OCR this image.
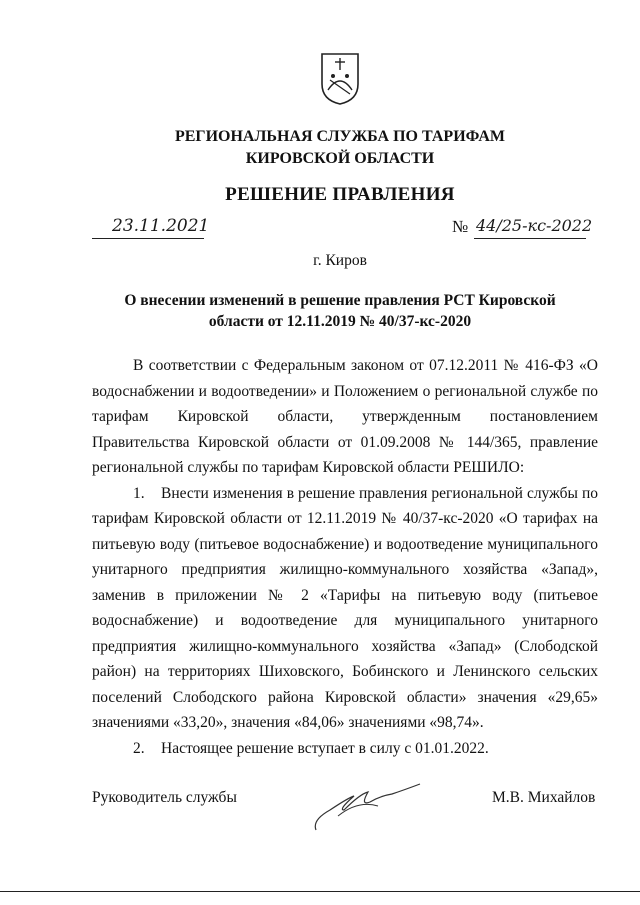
РЕГИОНАЛЬНАЯ СЛУЖБА ПО ТАРИФАМ
КИРОВСКОЙ ОБЛАСТИ
РЕШЕНИЕ ПРАВЛЕНИЯ
23.11.2021	№ 44/25-кс-2022
г. Киров
О внесении изменений в решение правления РСТ Кировской области от 12.11.2019 № 40/37-кс-2020

В соответствии с Федеральным законом от 07.12.2011 № 416-ФЗ «О водоснабжении и водоотведении» и Положением о региональной службе по тарифам Кировской области, утвержденным постановлением Правительства Кировской области от 01.09.2008 № 144/365, правление региональной службы по тарифам Кировской области РЕШИЛО:

1. Внести изменения в решение правления региональной службы по тарифам Кировской области от 12.11.2019 № 40/37-кс-2020 «О тарифах на питьевую воду (питьевое водоснабжение) и водоотведение муниципального унитарного предприятия жилищно-коммунального хозяйства «Запад», заменив в приложении № 2 «Тарифы на питьевую воду (питьевое водоснабжение) и водоотведение для муниципального унитарного предприятия жилищно-коммунального хозяйства «Запад» (Слободской район) на территориях Шиховского, Бобинского и Ленинского сельских поселений Слободского района Кировской области» значения «29,65» значениями «33,20», значения «84,06» значениями «98,74».

2. Настоящее решение вступает в силу с 01.01.2022.

Руководитель службы	М.В. Михайлов
